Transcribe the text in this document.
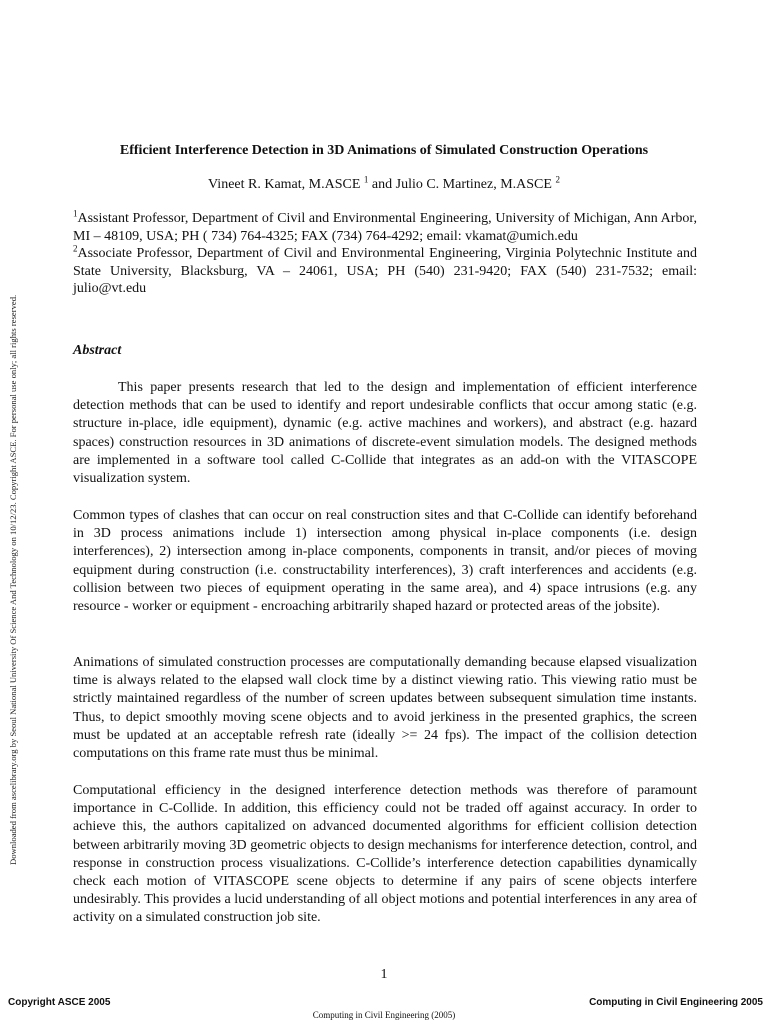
Downloaded from ascelibrary.org by Seoul National University Of Science And Technology on 10/12/23. Copyright ASCE. For personal use only; all rights reserved.
Efficient Interference Detection in 3D Animations of Simulated Construction Operations
Vineet R. Kamat, M.ASCE $^1$ and Julio C. Martinez, M.ASCE $^2$

$^1$Assistant Professor, Department of Civil and Environmental Engineering, University of Michigan, Ann Arbor, MI – 48109, USA; PH ( 734) 764-4325; FAX (734) 764-4292; email: vkamat@umich.edu

$^2$Associate Professor, Department of Civil and Environmental Engineering, Virginia Polytechnic Institute and State University, Blacksburg, VA – 24061, USA; PH (540) 231-9420; FAX (540) 231-7532; email: julio@vt.edu

Abstract

This paper presents research that led to the design and implementation of efficient interference detection methods that can be used to identify and report undesirable conflicts that occur among static (e.g. structure in-place, idle equipment), dynamic (e.g. active machines and workers), and abstract (e.g. hazard spaces) construction resources in 3D animations of discrete-event simulation models. The designed methods are implemented in a software tool called C-Collide that integrates as an add-on with the VITASCOPE visualization system.

Common types of clashes that can occur on real construction sites and that C-Collide can identify beforehand in 3D process animations include 1) intersection among physical in-place components (i.e. design interferences), 2) intersection among in-place components, components in transit, and/or pieces of moving equipment during construction (i.e. constructability interferences), 3) craft interferences and accidents (e.g. collision between two pieces of equipment operating in the same area), and 4) space intrusions (e.g. any resource - worker or equipment - encroaching arbitrarily shaped hazard or protected areas of the jobsite).

Animations of simulated construction processes are computationally demanding because elapsed visualization time is always related to the elapsed wall clock time by a distinct viewing ratio. This viewing ratio must be strictly maintained regardless of the number of screen updates between subsequent simulation time instants. Thus, to depict smoothly moving scene objects and to avoid jerkiness in the presented graphics, the screen must be updated at an acceptable refresh rate (ideally >= 24 fps). The impact of the collision detection computations on this frame rate must thus be minimal.

Computational efficiency in the designed interference detection methods was therefore of paramount importance in C-Collide. In addition, this efficiency could not be traded off against accuracy. In order to achieve this, the authors capitalized on advanced documented algorithms for efficient collision detection between arbitrarily moving 3D geometric objects to design mechanisms for interference detection, control, and response in construction process visualizations. C-Collide’s interference detection capabilities dynamically check each motion of VITASCOPE scene objects to determine if any pairs of scene objects interfere undesirably. This provides a lucid understanding of all object motions and potential interferences in any area of activity on a simulated construction job site.

1
Copyright ASCE 2005	Computing in Civil Engineering 2005
Computing in Civil Engineering (2005)
